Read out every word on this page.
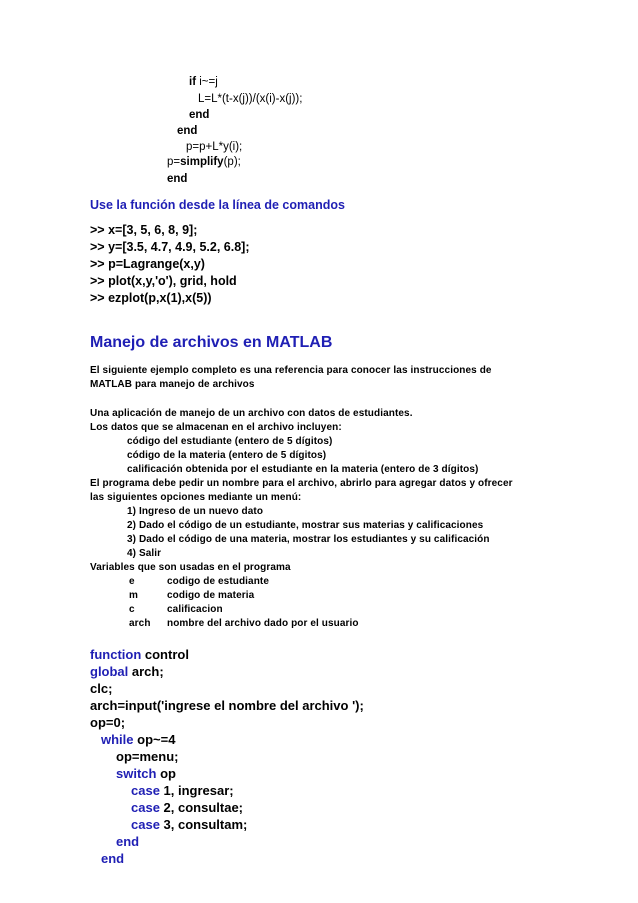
if i~=j
L=L*(t-x(j))/(x(i)-x(j));
end
end
p=p+L*y(i);
p=simplify(p);
end
Use la función desde la línea de comandos
>> x=[3, 5, 6, 8, 9];
>> y=[3.5, 4.7, 4.9, 5.2, 6.8];
>> p=Lagrange(x,y)
>> plot(x,y,'o'), grid, hold
>> ezplot(p,x(1),x(5))
Manejo de archivos en MATLAB
El siguiente ejemplo completo es una referencia para conocer las instrucciones de
MATLAB para manejo de archivos
Una aplicación de manejo de un archivo con datos de estudiantes.
Los datos que se almacenan en el archivo incluyen:
código del estudiante (entero de 5 dígitos)
código de la materia (entero de 5 dígitos)
calificación obtenida por el estudiante en la materia (entero de 3 dígitos)
El programa debe pedir un nombre para el archivo, abrirlo para agregar datos y ofrecer
las siguientes opciones mediante un menú:
1) Ingreso de un nuevo dato
2) Dado el código de un estudiante, mostrar sus materias y calificaciones
3) Dado el código de una materia, mostrar los estudiantes y su calificación
4) Salir
Variables que son usadas en el programa
e	codigo de estudiante
m	codigo de materia
c	calificacion
arch nombre del archivo dado por el usuario
function control
global arch;
clc;
arch=input('ingrese el nombre del archivo ');
op=0;
while op~=4
op=menu;
switch op
case 1, ingresar;
case 2, consultae;
case 3, consultam;
end
end
